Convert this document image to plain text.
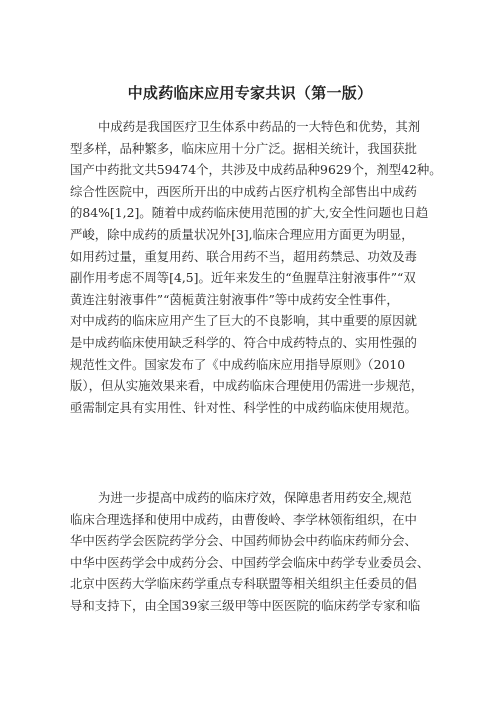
中成药临床应用专家共识（第一版）
中成药是我国医疗卫生体系中药品的一大特色和优势，其剂
型多样，品种繁多，临床应用十分广泛。据相关统计，我国获批
国产中药批文共59474个，共涉及中成药品种9629个，剂型42种。
综合性医院中，西医所开出的中成药占医疗机构全部售出中成药
的84%[1,2]。随着中成药临床使用范围的扩大,安全性问题也日趋
严峻，除中成药的质量状况外[3],临床合理应用方面更为明显，
如用药过量，重复用药、联合用药不当，超用药禁忌、功效及毒
副作用考虑不周等[4,5]。近年来发生的“鱼腥草注射液事件”“双
黄连注射液事件”“茵栀黄注射液事件”等中成药安全性事件，
对中成药的临床应用产生了巨大的不良影响，其中重要的原因就
是中成药临床使用缺乏科学的、符合中成药特点的、实用性强的
规范性文件。国家发布了《中成药临床应用指导原则》（2010
版），但从实施效果来看，中成药临床合理使用仍需进一步规范，
亟需制定具有实用性、针对性、科学性的中成药临床使用规范。
为进一步提高中成药的临床疗效，保障患者用药安全,规范
临床合理选择和使用中成药，由曹俊岭、李学林领衔组织，在中
华中医药学会医院药学分会、中国药师协会中药临床药师分会、
中华中医药学会中成药分会、中国药学会临床中药学专业委员会、
北京中医药大学临床药学重点专科联盟等相关组织主任委员的倡
导和支持下，由全国39家三级甲等中医医院的临床药学专家和临
